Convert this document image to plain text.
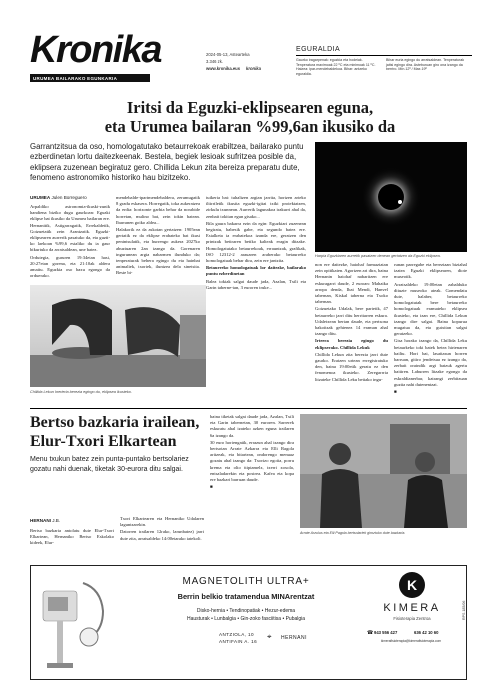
Kronika
URUMEA BAILARAKO EGUNKARIA
2024-05-13, Astearteka
3.346 zk.
www.kronika.eus kronika
EGURALDIA
Gaurko iragarpenak: eguzkia eta hodeiak. Tenperatura maximoak 22 ºC eta minimoak 11 ºC. Haizea: ipar-mendebaldekoa. Bihar: antzeko eguraldia.
Bihar euria egingo du arratsaldean. Tenperaturak jaitsi egingo dira. Asteburuan giro ona izango da berriro. Mín.12º / Max.19º
Iritsi da Eguzki-eklipsearen eguna,
eta Urumea bailaran %99,6an ikusiko da
Garrantzitsua da oso, homologatutako betaurrekoak erabiltzea, bailarako puntu ezberdinetan lortu daitezkeenak. Bestela, begiek lesioak sufritzea posible da, eklipsera zuzenean begiratuz gero. Chillida Lekun zita bereiza preparatu dute, fenomeno astronomiko historiko hau bizitzeko.
Harpia Eguzkiaren aurretik pasatzen denean gertatzen da Eguzki eklipsea.
URUMEA Julen Borreguero

Arpaldiko astronomia-ikuski-zunik handiena biziko dugu gaurkoan: Eguzki eklipse bat ikusiko da Urumea bailaran ere. Hernanitik, Astigarragatik, Errekaldetik, Goizuetatik zein Arantzatik. Eguzki-eklipsearen aurrerik pasatuko da, eta guzti-ko laekoan %99,6 estaliko du ia gaur bikurtuko da arratsaldean, une batez.

Ordutegia, gururen 19:34etan hasi, 20:27etan gorena, eta 21:10ak aldera amaitu. Eguzkia oso baxu egongo da orduerako.

mendebalde-ipartmendebaldera, zerumugatik 8 gradu eskasera. Horregatik, toka aukeratzea da erdia: horizonte garbia behar da norabide horretan, mulino bat, zein tokin batean. Ibarranen goiko aldea...

Halakorik ez da askotan gertatzen: 1905ean gertatik ez da eklipse erabateko bat ikusi penintsulatik, eta hurrengo aukera 2027ko abuztuaren 2an izango da. Gorenaren ingurunean argia nabarmen ilunduko da; tenperaturak behera egingo du eta hainbat animaliek, txoriek, iluntzea dela sinetsita. Beste bi-

tuikeria bat: tuhaltzen argian jarrita, hortzen arteko iltirriletik ikusita eguzki-igitai txiki proiektatzen, zirkulu txunnean. Aurrerik lagunakoa irakurri ahal da, zenbait tokitan egun gisako...

Bila gaura bakarra ezin da egin: Eguzkiari zuzenean begiratu, babesik gabe, eta segundo batez ere. Estalketa ia erabatekoa izanda ere, geratzen den printzak betiraren betiko kalteak eragin ditzake. Homologatutako betaurrekoak, errauntzak, grafikak, ISO 12312-2 arauaren araberako betaurreko homologatuak behar dira, zein ere jantzita.

Betaurreko homologatuak lor daitezke, bailarako puntu ezberdinetan

Balea tokiak salgai daude jada, Azalan, Txili eta Garin taberne-tan, 3 euroren truke...

Chillida Lekun Inerieria berezia egingo du, eklipsea ikusteko.

non ere daitezke, haiohaf farmaziatan zein opitikaten. Agortzen ari dira, baina Hernanin haiohaf nabaritzen ere eskuragarri daude, 2 euroan: Mahaika arropa denda, Ibai Mendi, Hanvel tabernan, Kiskal taberna eta Txoko tabernan.

Goizuetako Udalak, bere partetik, 47 betaurreko jarri ditu herritarren eskura. Udaletxean bertan daude, eta pertsona bakoitzak gehienez 14 eraman ahal izango ditu.

Irteera bereziа egingo du eklipserako. Chillida Lekuk

Chillida Lekun zita berezia jarri dute gaurko. Eratzen urtean erregistratuko den, baina 19:00etik geratu ez den fenomenoa ikusteko. Zeregarrria litzateke Chillida Leku betiako ingu-

runan parregabe eta bereziaan biziahal izatea Eguzki eklipsearen, diote museotik.

Arratsaldeko 19:00etan zabalduko dituzte museoko ateak. Gomendatu dute, halaber, betaurreko homologatutak bere betaurreko homologatuak eramateko eklipsea ikusteko, eta izan ere, Chillida Lekun izango dire salgai. Baina kopurua mugatua da, eta gutxitan salgai geratzeko.

Gisa horako izango da, Chillida Leku betaurkeko toki batek betea hirtenaren bailtu. Hori bai, lasaitasun horren barruan, gitiro jendetsua ez izango da, zerbait oraindik argi batzuk agertu baitiren. Laburren litzake egongo da eskraldianerbar, katrangi zerbitzuan guztia nahi dutenentzat.

■
Bertso bazkaria irailean,
Elur-Txori Elkartean
Menu txukun batez zein punta-puntako bertsolariez gozatu nahi duenak, tiketak 30-eurora ditu salgai.
HERNANI J.B.

Bertso bazkaria antolatu dute Elur-Txori Elkartean, Hernaniko Bertso Eskolako kideek, Elur-

Txori Elkartearen eta Hernaniko Udalaren laguntzarekin.

Datorren irailaren 12rako, larunbatez) jarri dute zita, arratsaldeko 14:00etarako iatekoli.

baina tiketak salgai daude jada, Azalan, Txili eta Garin tabernetan, 30 euroren. Sarrerek eskuratu ahal izateko azken eguna irailaren 6a izango da.

30 euro horiengatik, errazun ahal izango dira bertsotan Arrate Azkarra eta Elli Ragola aritzeak, eta bitartean, ondorengo menuaz gozatu ahal izango da: Txorizo egoiia, porru krema eta olio ttipiamelz, txerri xoxola, entsaladarekin eta postrea. Kafea eta kopa ere bazkari barruan daude.

■
Arrate Arzulus eta Elli Pagola bertsolariek giroztuko dute bazkaria.
MAGNETOLITH ULTRA+
Berrin belkio tratamendua MINArentzat
Disko-hernia • Tendinopatiak • Hezur-edema
Hausturak • Lunbalgia • Gin-zoko fasciitisa • Pubalgia
ANTZIOLA, 10
ANTIFAIN A. 16
⌖ HERNANI
K
KIMERA
Fisioterapia Zentroa
☎ 943 556 427	636 42 10 60
kimerafisioterapia@kimerafisioterapia.com
RPS 185/06
